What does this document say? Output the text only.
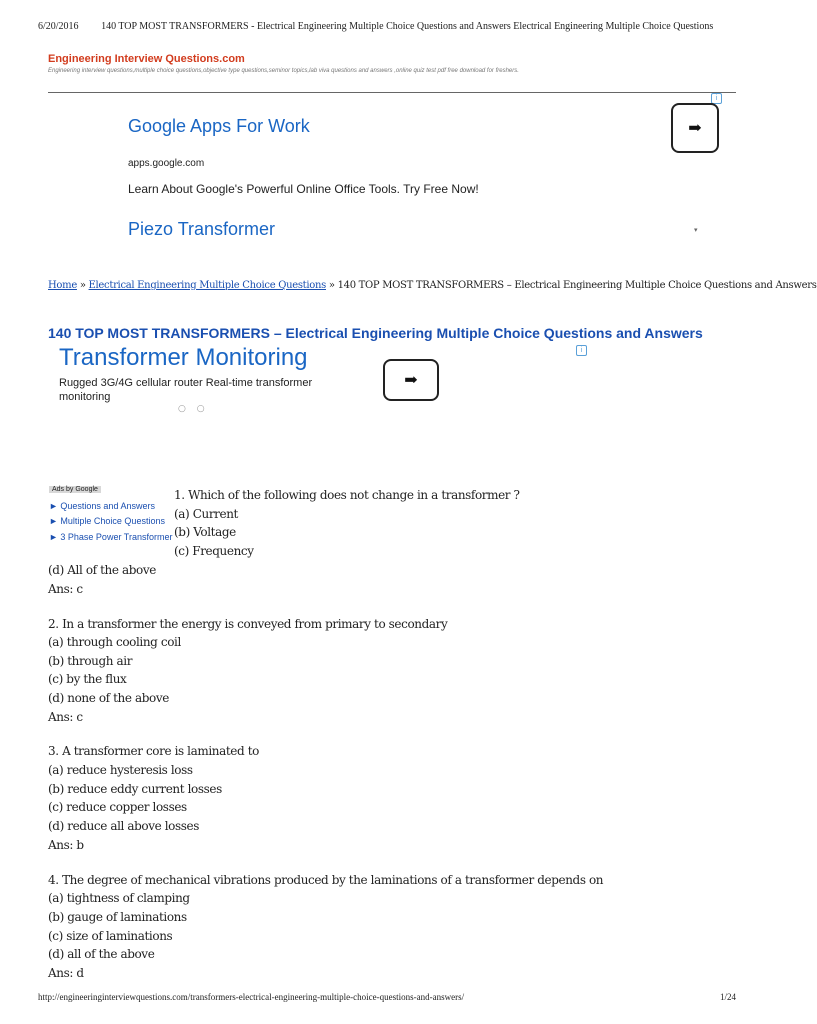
6/20/2016 140 TOP MOST TRANSFORMERS - Electrical Engineering Multiple Choice Questions and Answers Electrical Engineering Multiple Choice Questions
Engineering Interview Questions.com
Engineering interview questions,multiple choice questions,objective type questions,seminor topics,lab viva questions and answers ,online quiz test pdf free download for freshers.
i
Google Apps For Work
apps.google.com
Learn About Google's Powerful Online Office Tools. Try Free Now!
➡
Piezo Transformer	▾
Home » Electrical Engineering Multiple Choice Questions » 140 TOP MOST TRANSFORMERS – Electrical Engineering Multiple Choice Questions and Answers
140 TOP MOST TRANSFORMERS – Electrical Engineering Multiple Choice Questions and Answers
i
Transformer Monitoring
Rugged 3G/4G cellular router Real-time transformer monitoring
➡
○ ○
Ads by Google
► Questions and Answers
► Multiple Choice Questions
► 3 Phase Power Transformer
1. Which of the following does not change in a transformer ?
(a) Current
(b) Voltage
(c) Frequency
(d) All of the above
Ans: c
2. In a transformer the energy is conveyed from primary to secondary
(a) through cooling coil
(b) through air
(c) by the flux
(d) none of the above
Ans: c
3. A transformer core is laminated to
(a) reduce hysteresis loss
(b) reduce eddy current losses
(c) reduce copper losses
(d) reduce all above losses
Ans: b
4. The degree of mechanical vibrations produced by the laminations of a transformer depends on
(a) tightness of clamping
(b) gauge of laminations
(c) size of laminations
(d) all of the above
Ans: d
http://engineeringinterviewquestions.com/transformers-electrical-engineering-multiple-choice-questions-and-answers/	1/24
